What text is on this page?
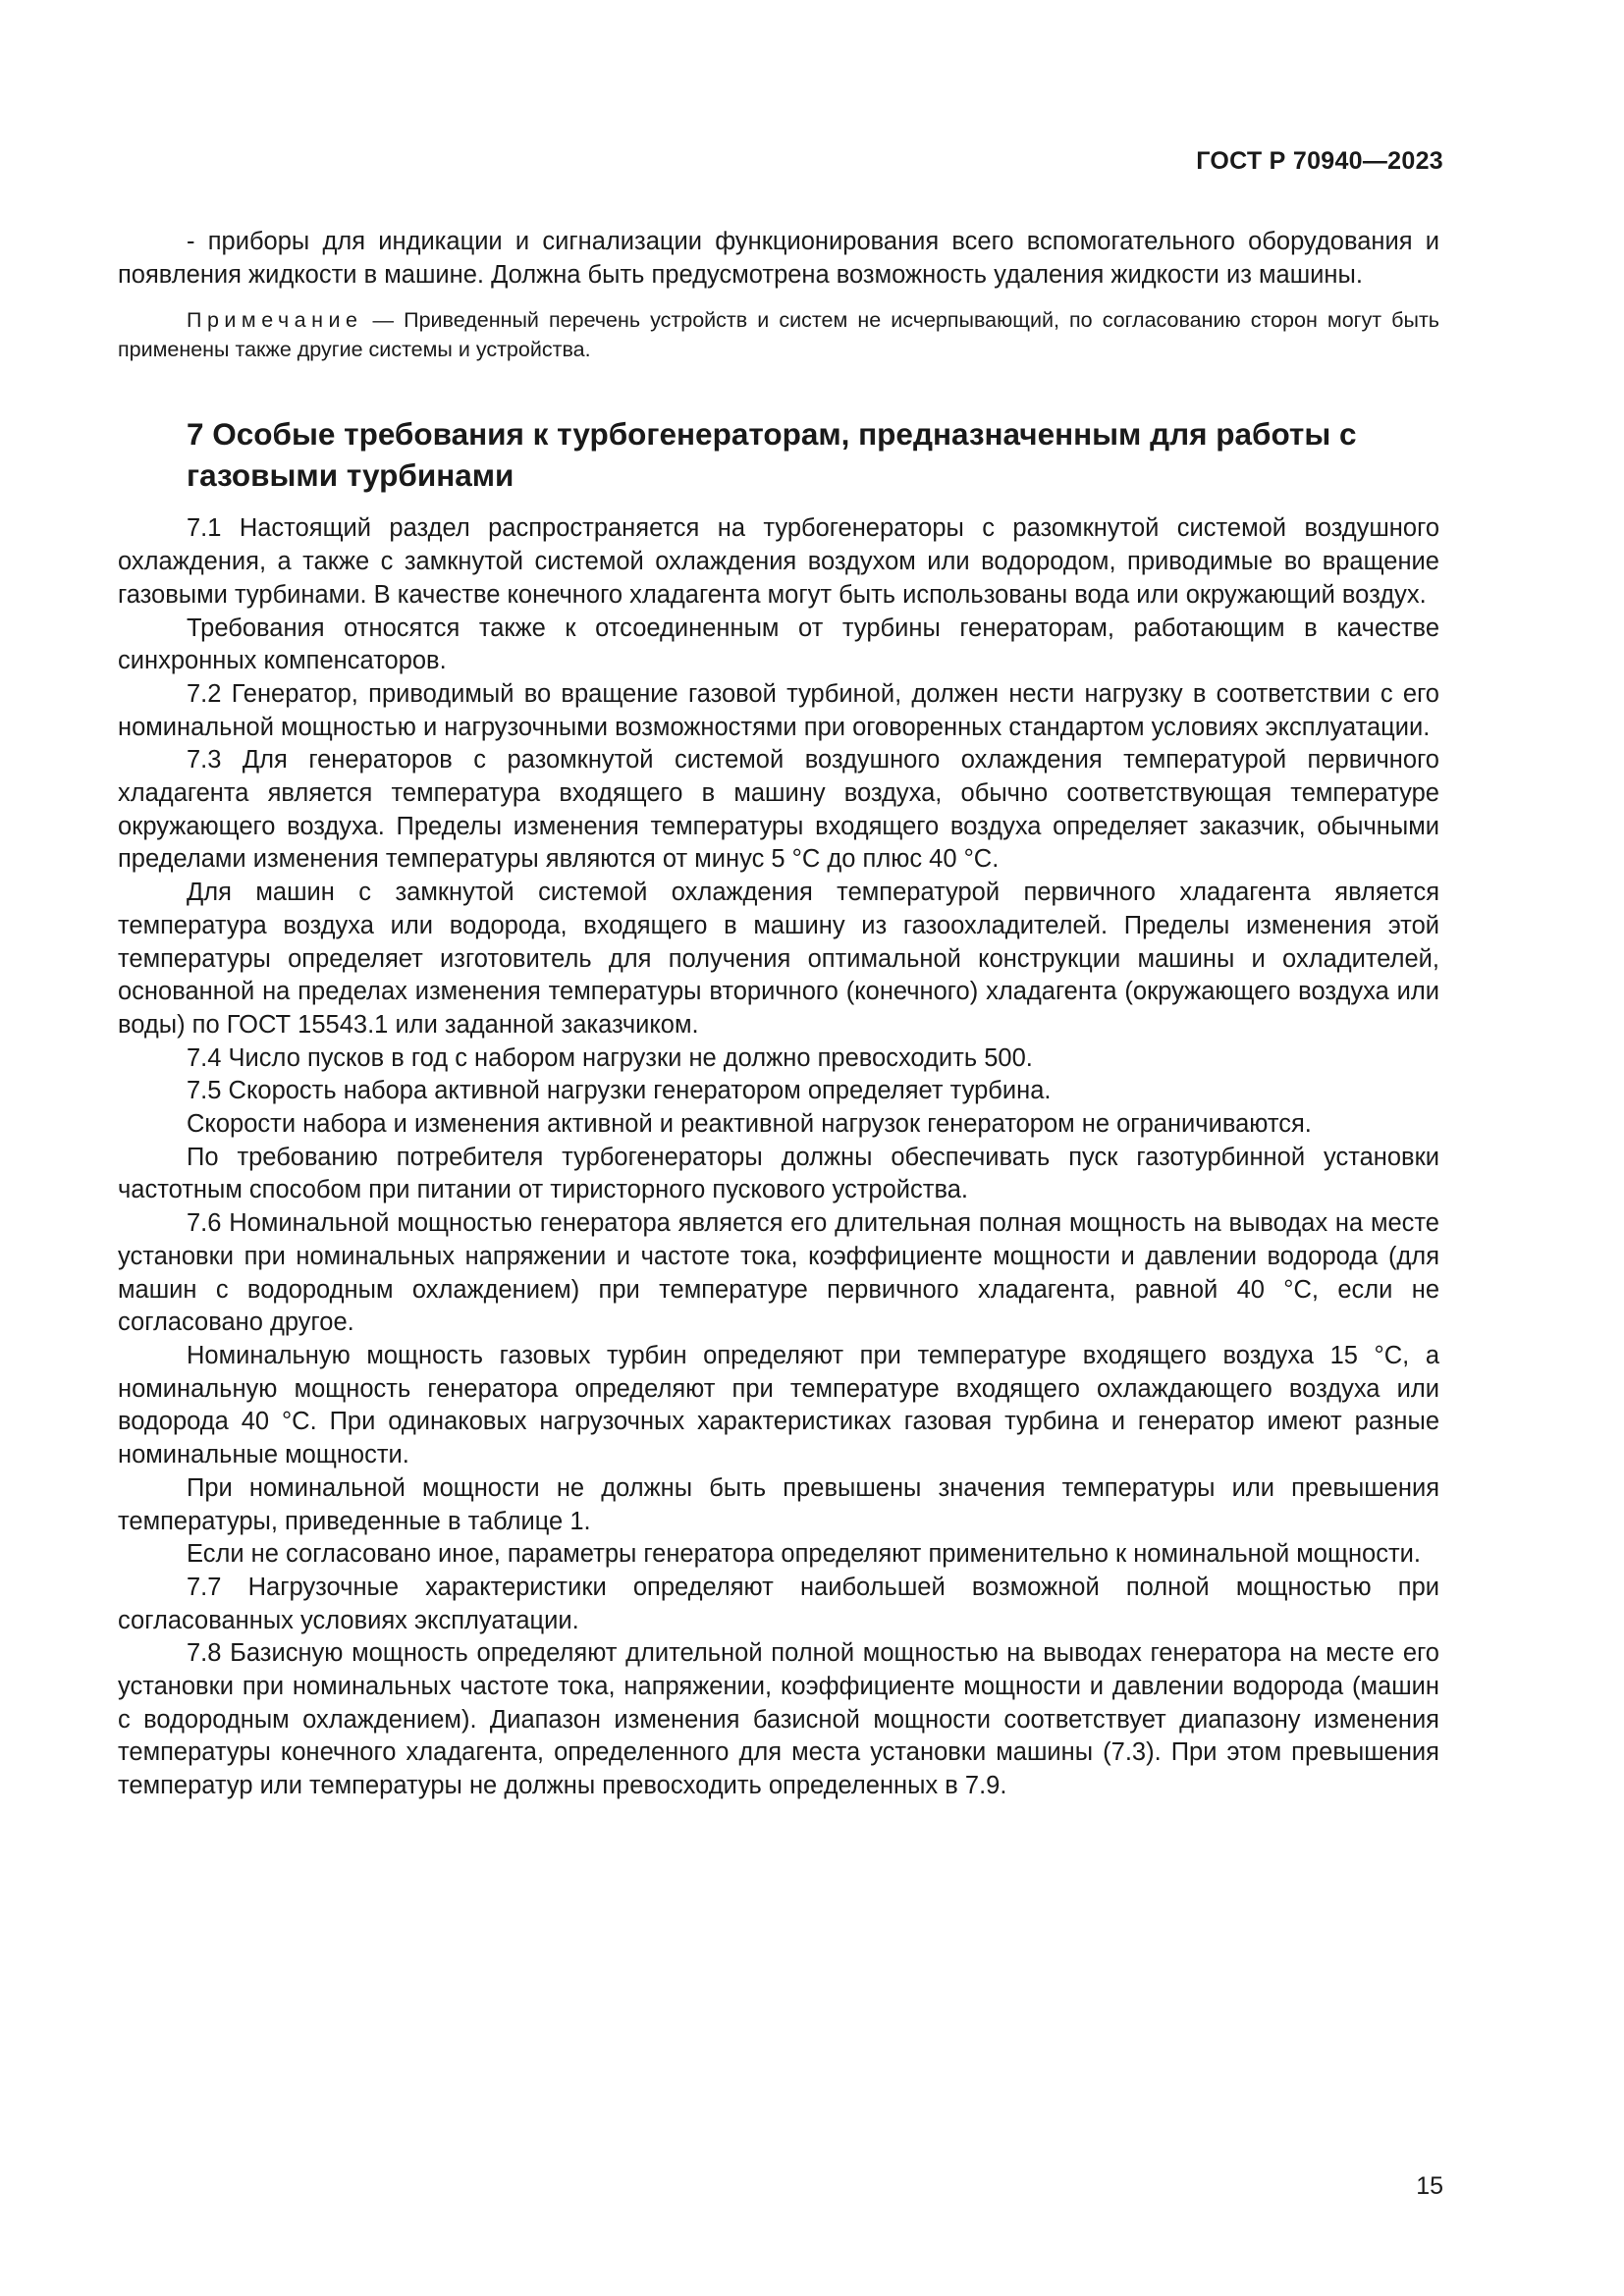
ГОСТ Р 70940—2023

- приборы для индикации и сигнализации функционирования всего вспомогательного оборудования и появления жидкости в машине. Должна быть предусмотрена возможность удаления жидкости из машины.

Примечание — Приведенный перечень устройств и систем не исчерпывающий, по согласованию сторон могут быть применены также другие системы и устройства.

7 Особые требования к турбогенераторам, предназначенным для работы с газовыми турбинами

7.1 Настоящий раздел распространяется на турбогенераторы с разомкнутой системой воздушного охлаждения, а также с замкнутой системой охлаждения воздухом или водородом, приводимые во вращение газовыми турбинами. В качестве конечного хладагента могут быть использованы вода или окружающий воздух.

Требования относятся также к отсоединенным от турбины генераторам, работающим в качестве синхронных компенсаторов.

7.2 Генератор, приводимый во вращение газовой турбиной, должен нести нагрузку в соответствии с его номинальной мощностью и нагрузочными возможностями при оговоренных стандартом условиях эксплуатации.

7.3 Для генераторов с разомкнутой системой воздушного охлаждения температурой первичного хладагента является температура входящего в машину воздуха, обычно соответствующая температуре окружающего воздуха. Пределы изменения температуры входящего воздуха определяет заказчик, обычными пределами изменения температуры являются от минус 5 °С до плюс 40 °С.

Для машин с замкнутой системой охлаждения температурой первичного хладагента является температура воздуха или водорода, входящего в машину из газоохладителей. Пределы изменения этой температуры определяет изготовитель для получения оптимальной конструкции машины и охладителей, основанной на пределах изменения температуры вторичного (конечного) хладагента (окружающего воздуха или воды) по ГОСТ 15543.1 или заданной заказчиком.

7.4 Число пусков в год с набором нагрузки не должно превосходить 500.

7.5 Скорость набора активной нагрузки генератором определяет турбина.

Скорости набора и изменения активной и реактивной нагрузок генератором не ограничиваются.

По требованию потребителя турбогенераторы должны обеспечивать пуск газотурбинной установки частотным способом при питании от тиристорного пускового устройства.

7.6 Номинальной мощностью генератора является его длительная полная мощность на выводах на месте установки при номинальных напряжении и частоте тока, коэффициенте мощности и давлении водорода (для машин с водородным охлаждением) при температуре первичного хладагента, равной 40 °С, если не согласовано другое.

Номинальную мощность газовых турбин определяют при температуре входящего воздуха 15 °С, а номинальную мощность генератора определяют при температуре входящего охлаждающего воздуха или водорода 40 °С. При одинаковых нагрузочных характеристиках газовая турбина и генератор имеют разные номинальные мощности.

При номинальной мощности не должны быть превышены значения температуры или превышения температуры, приведенные в таблице 1.

Если не согласовано иное, параметры генератора определяют применительно к номинальной мощности.

7.7 Нагрузочные характеристики определяют наибольшей возможной полной мощностью при согласованных условиях эксплуатации.

7.8 Базисную мощность определяют длительной полной мощностью на выводах генератора на месте его установки при номинальных частоте тока, напряжении, коэффициенте мощности и давлении водорода (машин с водородным охлаждением). Диапазон изменения базисной мощности соответствует диапазону изменения температуры конечного хладагента, определенного для места установки машины (7.3). При этом превышения температур или температуры не должны превосходить определенных в 7.9.

15
